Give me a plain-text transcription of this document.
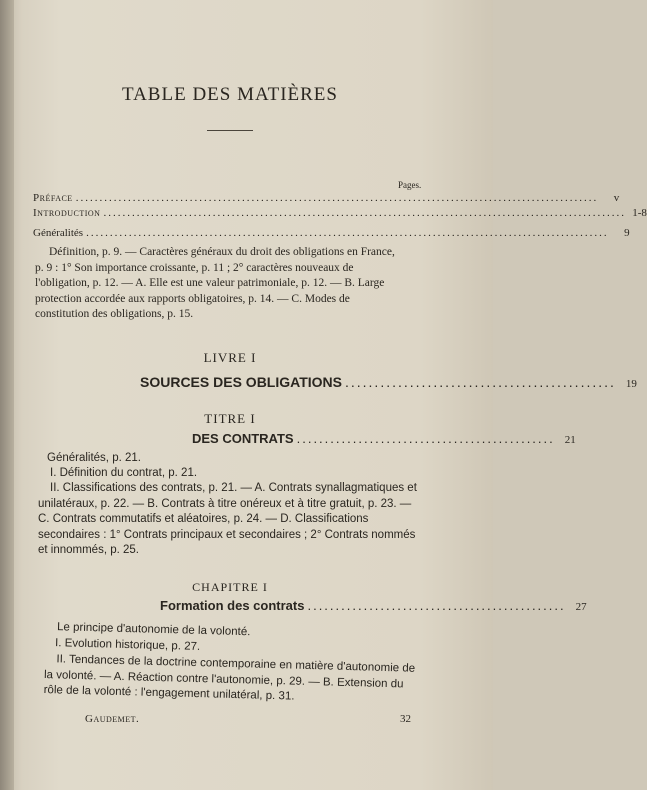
TABLE DES MATIÈRES
Pages.
Préface ..............................................................................................................	v
Introduction .............................................................................................................. 1-8
Généralités ..............................................................................................................	9
Définition, p. 9. — Caractères généraux du droit des obligations en France, p. 9 : 1° Son importance croissante, p. 11 ; 2° caractères nouveaux de l'obligation, p. 12. — A. Elle est une valeur patrimoniale, p. 12. — B. Large protection accordée aux rapports obligatoires, p. 14. — C. Modes de constitution des obligations, p. 15.
LIVRE I
SOURCES DES OBLIGATIONS .............................................. 19
TITRE I
DES CONTRATS .............................................. 21
Généralités, p. 21.
I. Définition du contrat, p. 21.
II. Classifications des contrats, p. 21. — A. Contrats synallagmatiques et unilatéraux, p. 22. — B. Contrats à titre onéreux et à titre gratuit, p. 23. — C. Contrats commutatifs et aléatoires, p. 24. — D. Classifications secondaires : 1° Contrats principaux et secondaires ; 2° Contrats nommés et innommés, p. 25.
CHAPITRE I
Formation des contrats .............................................. 27
Le principe d'autonomie de la volonté.
I. Evolution historique, p. 27.
II. Tendances de la doctrine contemporaine en matière d'autonomie de la volonté. — A. Réaction contre l'autonomie, p. 29. — B. Extension du rôle de la volonté : l'engagement unilatéral, p. 31.
Gaudemet.	32
